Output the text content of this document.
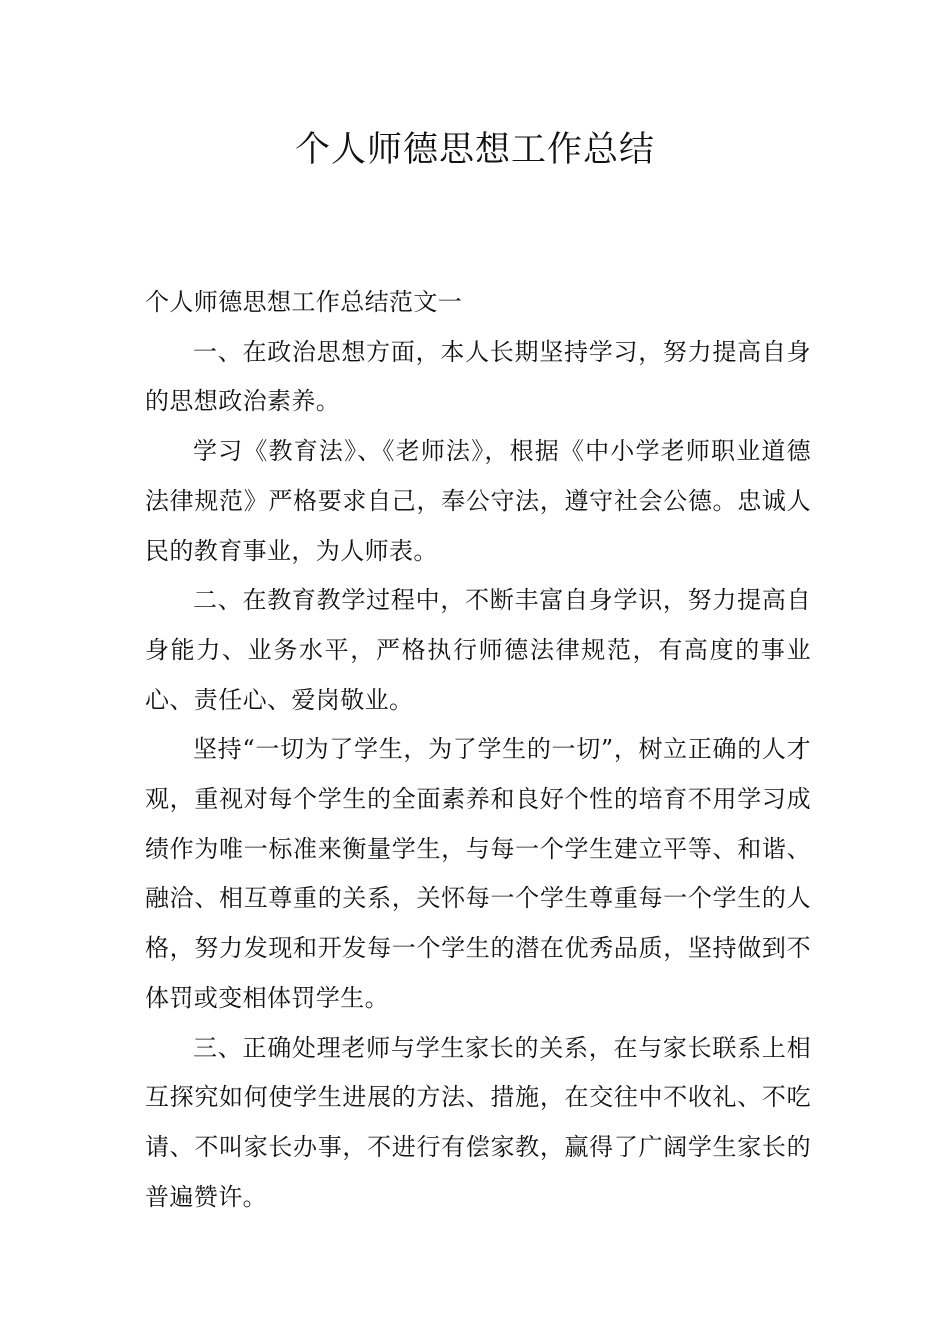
个人师德思想工作总结

个人师德思想工作总结范文一

一、在政治思想方面，本人长期坚持学习，努力提高自身的思想政治素养。

学习《教育法》、《老师法》，根据《中小学老师职业道德法律规范》严格要求自己，奉公守法，遵守社会公德。忠诚人民的教育事业，为人师表。

二、在教育教学过程中，不断丰富自身学识，努力提高自身能力、业务水平，严格执行师德法律规范，有高度的事业心、责任心、爱岗敬业。

坚持“一切为了学生，为了学生的一切”，树立正确的人才观，重视对每个学生的全面素养和良好个性的培育不用学习成绩作为唯一标准来衡量学生，与每一个学生建立平等、和谐、融洽、相互尊重的关系，关怀每一个学生尊重每一个学生的人格，努力发现和开发每一个学生的潜在优秀品质，坚持做到不体罚或变相体罚学生。

三、正确处理老师与学生家长的关系，在与家长联系上相互探究如何使学生进展的方法、措施，在交往中不收礼、不吃请、不叫家长办事，不进行有偿家教，赢得了广阔学生家长的普遍赞许。
